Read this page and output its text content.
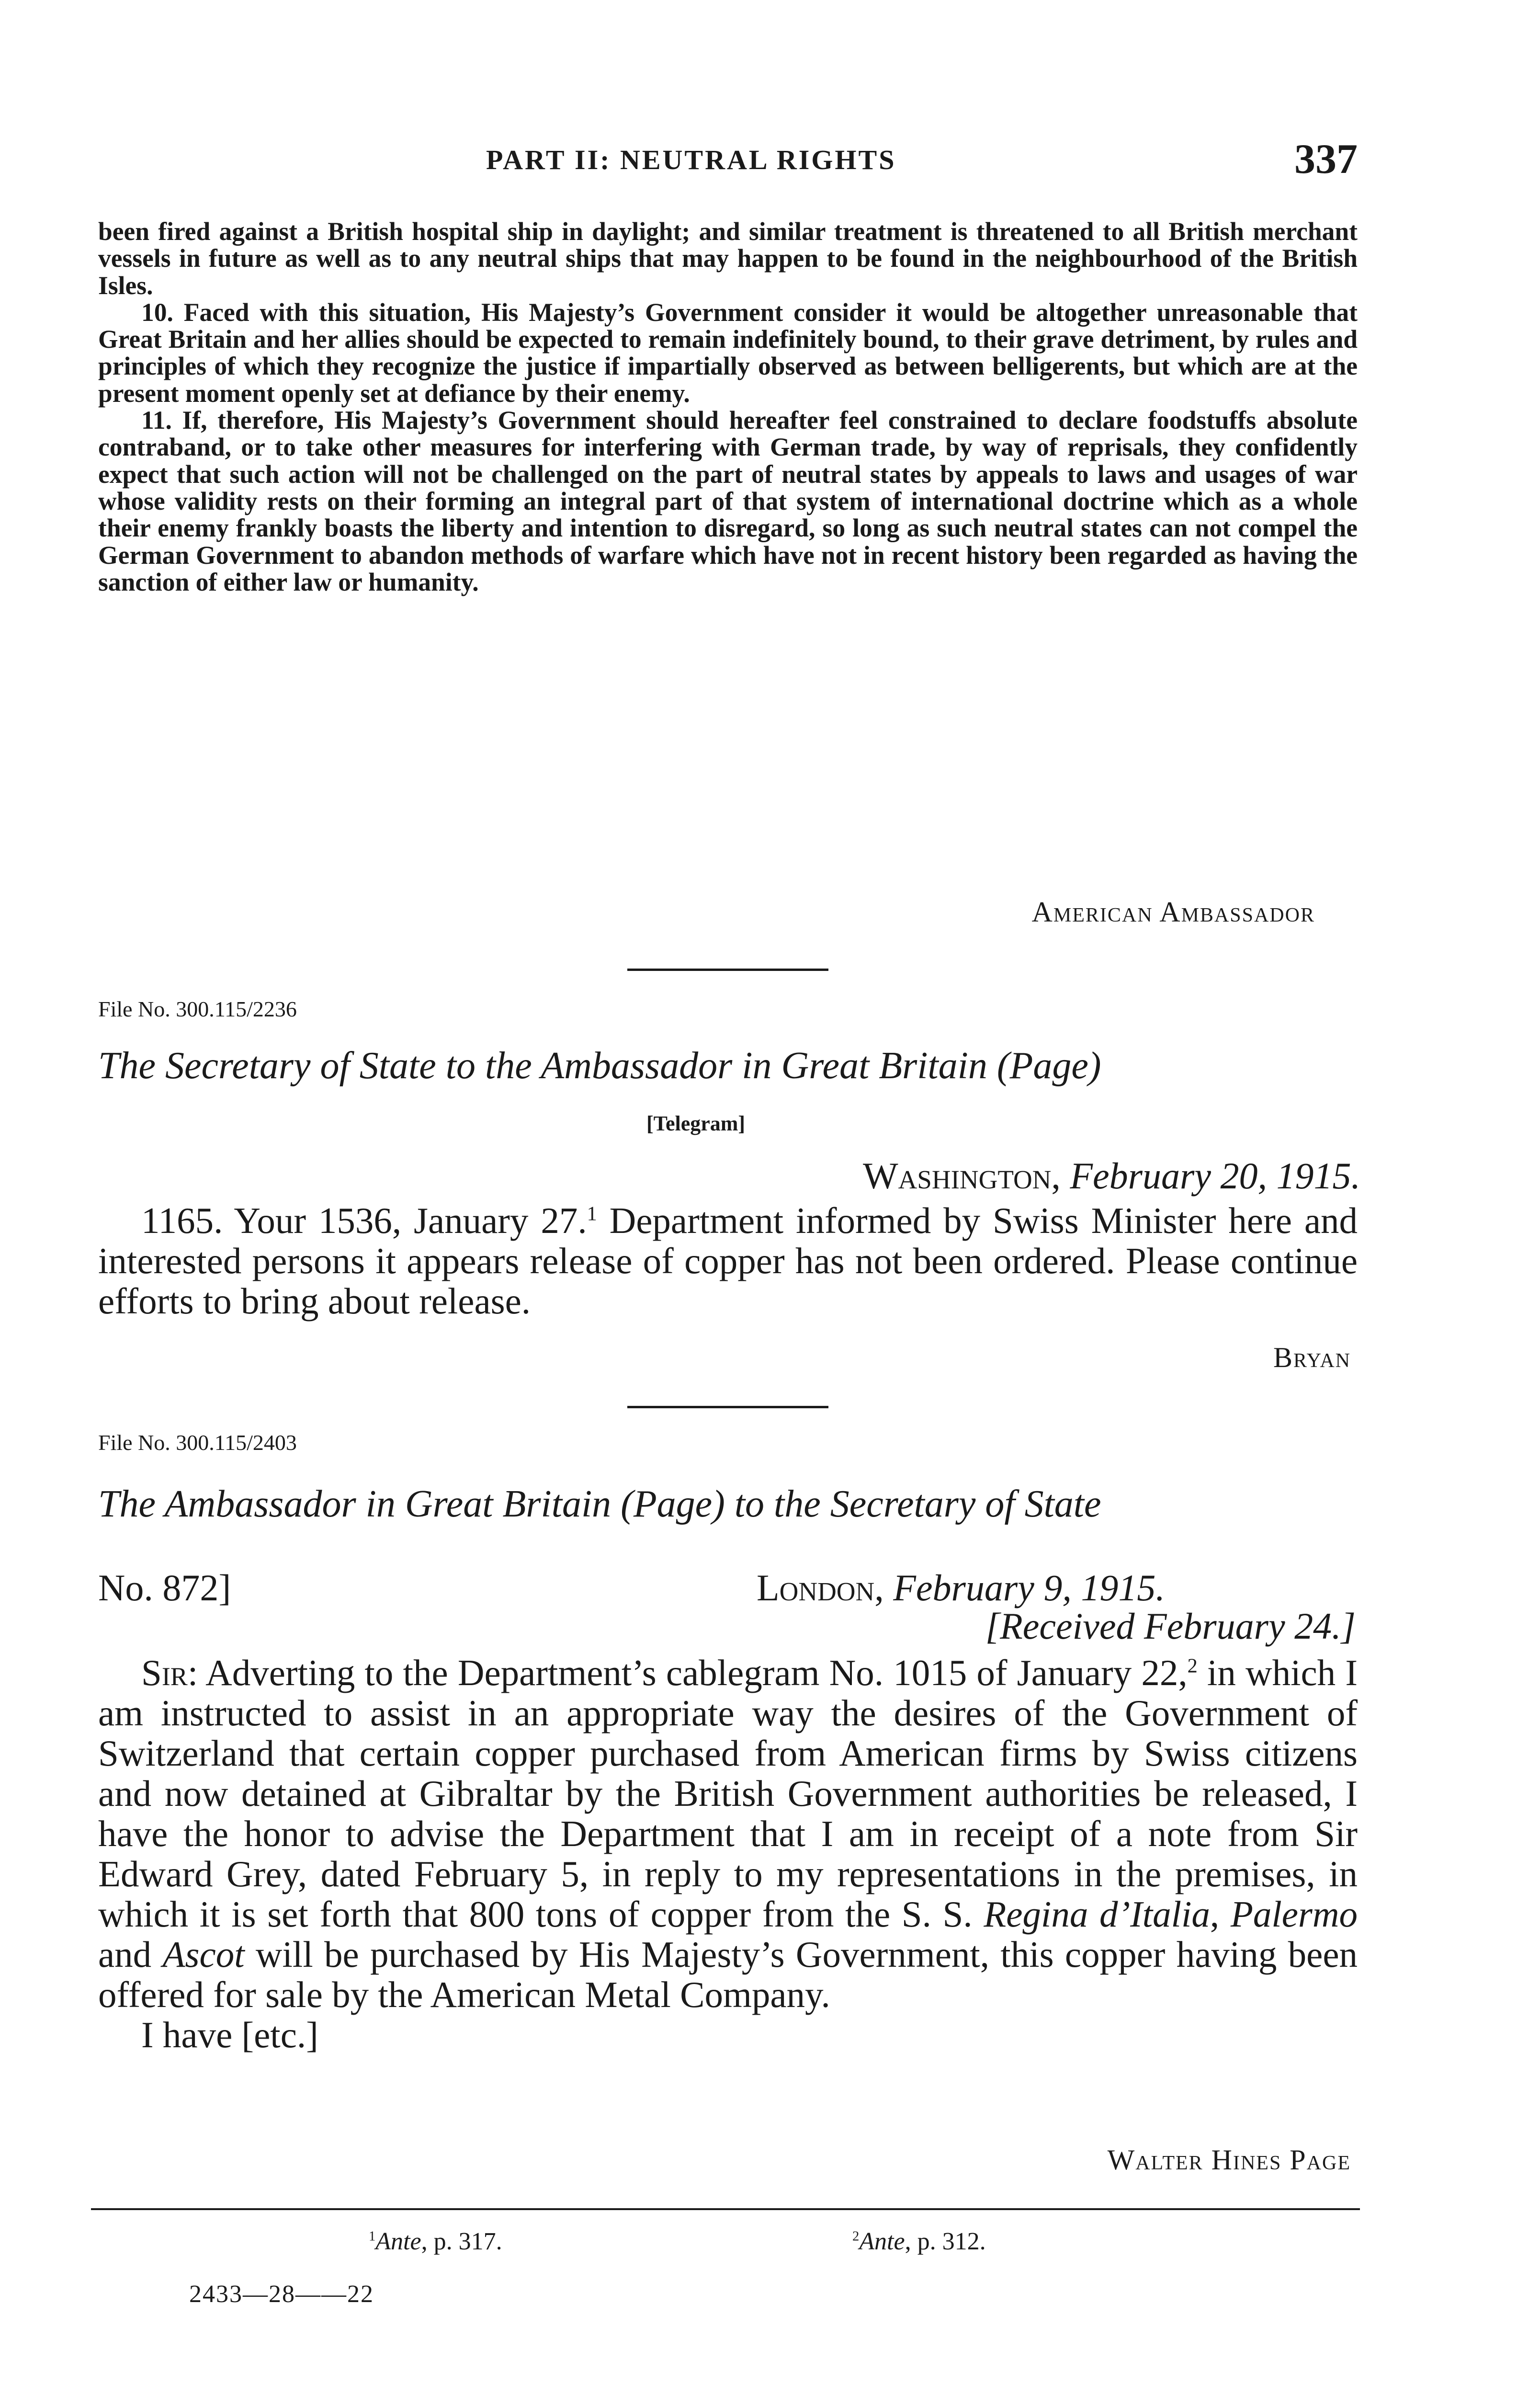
PART II: NEUTRAL RIGHTS	337

been fired against a British hospital ship in daylight; and similar treatment is threatened to all British merchant vessels in future as well as to any neutral ships that may happen to be found in the neighbourhood of the British Isles.

10. Faced with this situation, His Majesty’s Government consider it would be altogether unreasonable that Great Britain and her allies should be expected to remain indefinitely bound, to their grave detriment, by rules and principles of which they recognize the justice if impartially observed as between belligerents, but which are at the present moment openly set at defiance by their enemy.

11. If, therefore, His Majesty’s Government should hereafter feel constrained to declare foodstuffs absolute contraband, or to take other measures for interfering with German trade, by way of reprisals, they confidently expect that such action will not be challenged on the part of neutral states by appeals to laws and usages of war whose validity rests on their forming an integral part of that system of international doctrine which as a whole their enemy frankly boasts the liberty and intention to disregard, so long as such neutral states can not compel the German Government to abandon methods of warfare which have not in recent history been regarded as having the sanction of either law or humanity.

American Ambassador
File No. 300.115/2236
The Secretary of State to the Ambassador in Great Britain (Page)
[Telegram]
Washington, February 20, 1915.

1165. Your 1536, January 27.$^1$ Department informed by Swiss Minister here and interested persons it appears release of copper has not been ordered. Please continue efforts to bring about release.

Bryan
File No. 300.115/2403
The Ambassador in Great Britain (Page) to the Secretary of State
No. 872]	London, February 9, 1915.
[Received February 24.]

Sir: Adverting to the Department’s cablegram No. 1015 of January 22,$^2$ in which I am instructed to assist in an appropriate way the desires of the Government of Switzerland that certain copper purchased from American firms by Swiss citizens and now detained at Gibraltar by the British Government authorities be released, I have the honor to advise the Department that I am in receipt of a note from Sir Edward Grey, dated February 5, in reply to my representations in the premises, in which it is set forth that 800 tons of copper from the S. S. Regina d’Italia, Palermo and Ascot will be purchased by His Majesty’s Government, this copper having been offered for sale by the American Metal Company.

I have [etc.]

Walter Hines Page
$^1$Ante, p. 317.	$^2$Ante, p. 312.
2433—28——22
